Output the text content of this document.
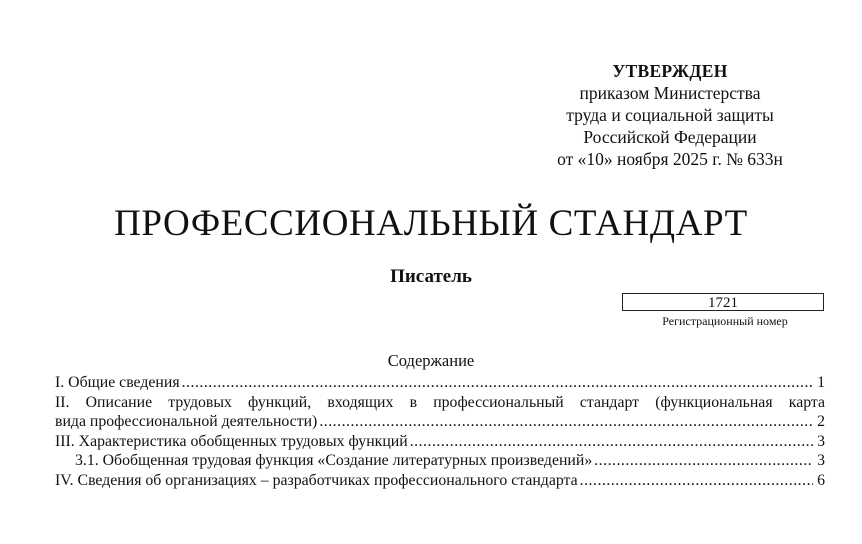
УТВЕРЖДЕН
приказом Министерства
труда и социальной защиты
Российской Федерации
от «10» ноября 2025 г. № 633н
ПРОФЕССИОНАЛЬНЫЙ СТАНДАРТ
Писатель
1721
Регистрационный номер
Содержание
I. Общие сведения .....	1
II. Описание трудовых функций, входящих в профессиональный стандарт (функциональная карта
вида профессиональной деятельности) .....	2
III. Характеристика обобщенных трудовых функций .....	3
3.1. Обобщенная трудовая функция «Создание литературных произведений» .....	3
IV. Сведения об организациях – разработчиках профессионального стандарта .....	6
